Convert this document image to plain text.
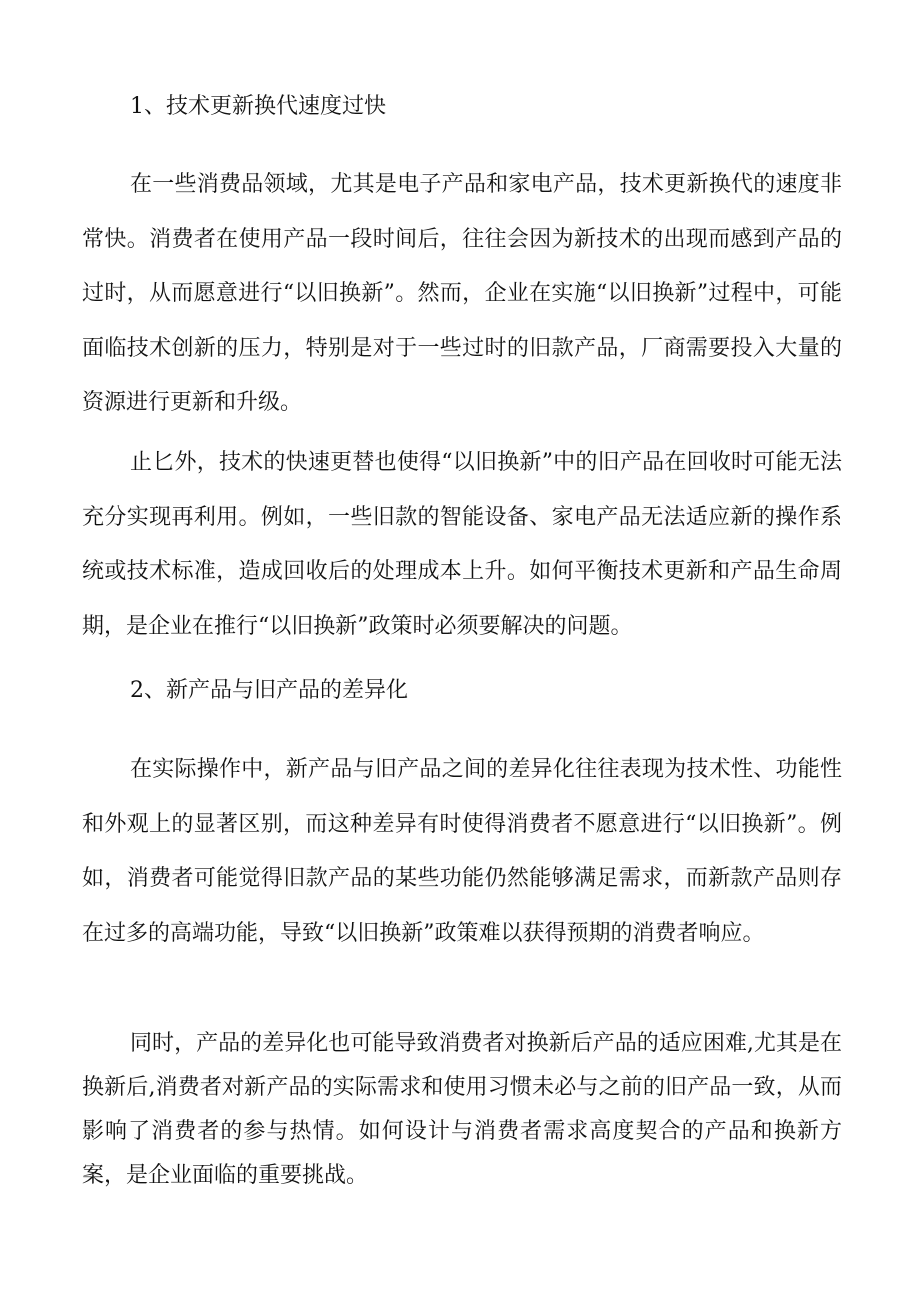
1、技术更新换代速度过快

在一些消费品领域，尤其是电子产品和家电产品，技术更新换代的速度非常快。消费者在使用产品一段时间后，往往会因为新技术的出现而感到产品的过时，从而愿意进行“以旧换新”。然而，企业在实施“以旧换新”过程中，可能面临技术创新的压力，特别是对于一些过时的旧款产品，厂商需要投入大量的资源进行更新和升级。

止匕外，技术的快速更替也使得“以旧换新”中的旧产品在回收时可能无法充分实现再利用。例如，一些旧款的智能设备、家电产品无法适应新的操作系统或技术标准，造成回收后的处理成本上升。如何平衡技术更新和产品生命周期，是企业在推行“以旧换新”政策时必须要解决的问题。

2、新产品与旧产品的差异化

在实际操作中，新产品与旧产品之间的差异化往往表现为技术性、功能性和外观上的显著区别，而这种差异有时使得消费者不愿意进行“以旧换新”。例如，消费者可能觉得旧款产品的某些功能仍然能够满足需求，而新款产品则存在过多的高端功能，导致“以旧换新”政策难以获得预期的消费者响应。

同时，产品的差异化也可能导致消费者对换新后产品的适应困难,尤其是在换新后,消费者对新产品的实际需求和使用习惯未必与之前的旧产品一致，从而影响了消费者的参与热情。如何设计与消费者需求高度契合的产品和换新方案，是企业面临的重要挑战。
